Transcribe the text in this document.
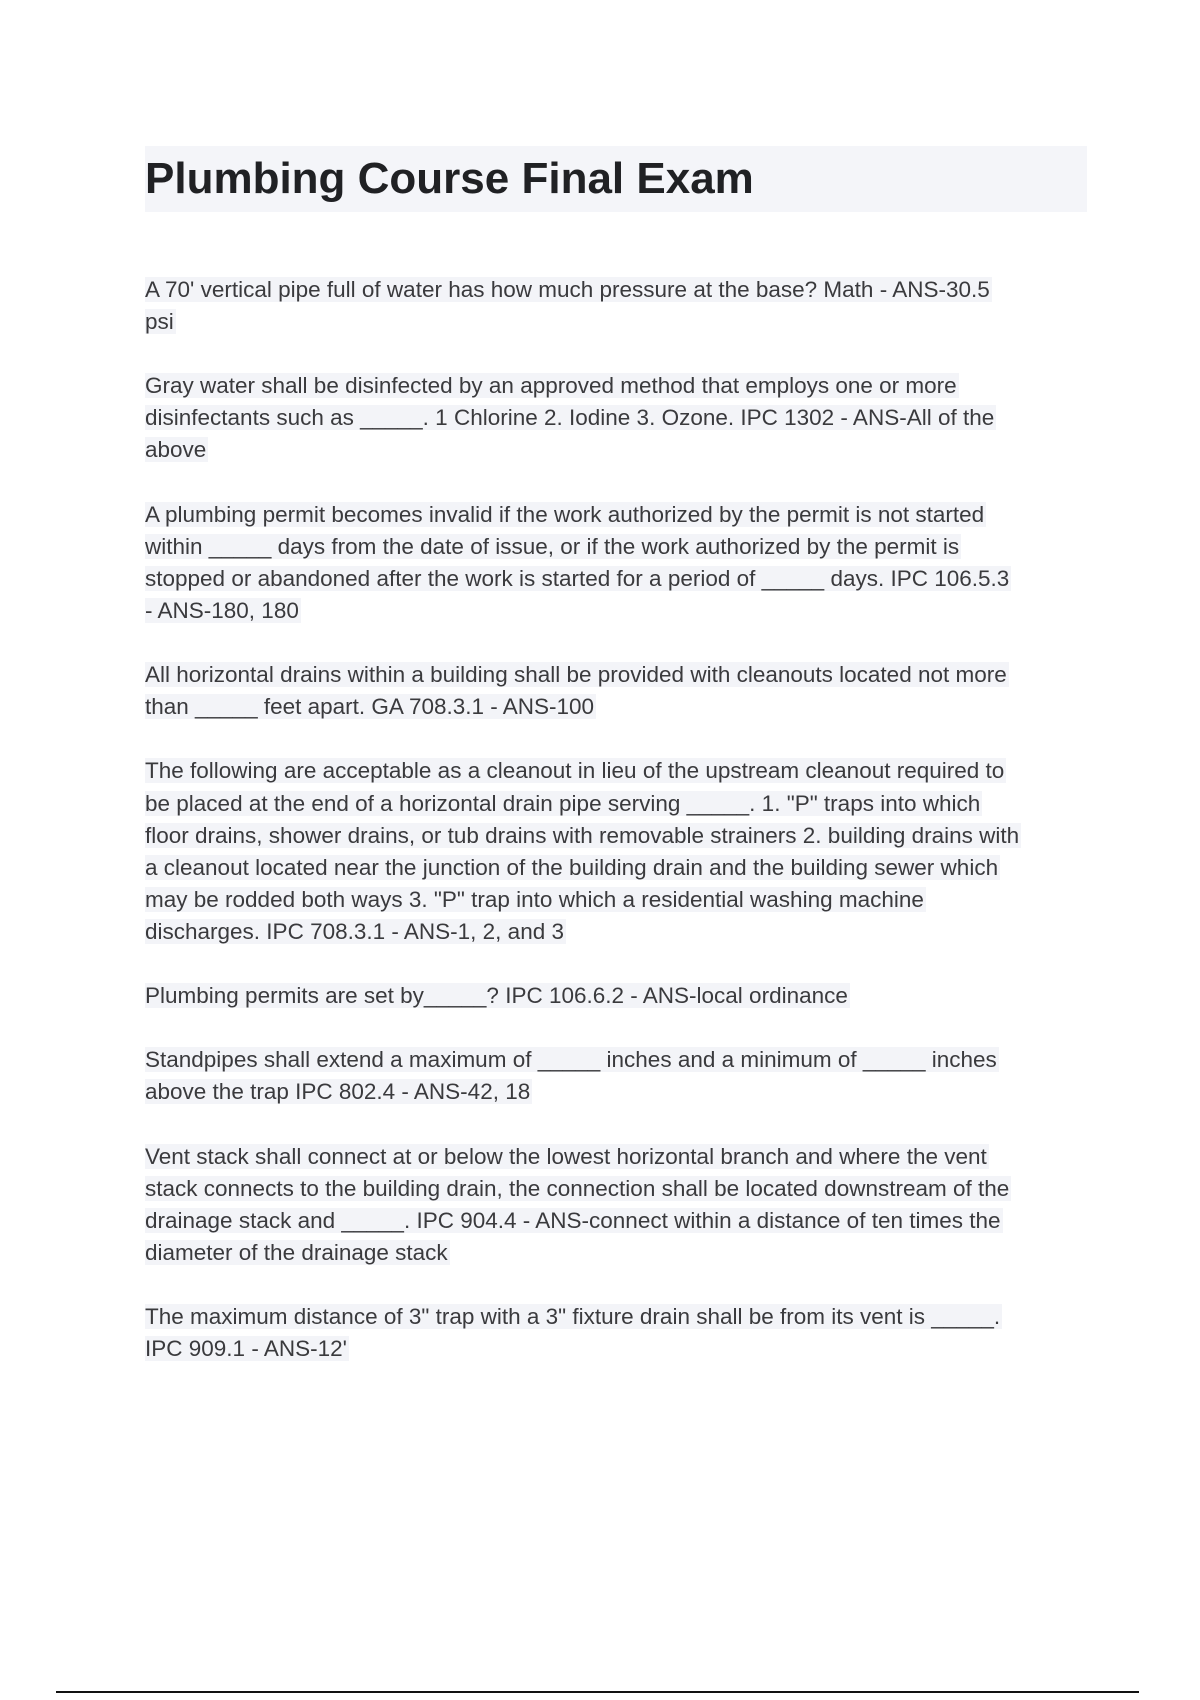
Plumbing Course Final Exam
A 70' vertical pipe full of water has how much pressure at the base? Math - ANS-30.5
psi
Gray water shall be disinfected by an approved method that employs one or more
disinfectants such as _____. 1 Chlorine 2. Iodine 3. Ozone. IPC 1302 - ANS-All of the
above
A plumbing permit becomes invalid if the work authorized by the permit is not started
within _____ days from the date of issue, or if the work authorized by the permit is
stopped or abandoned after the work is started for a period of _____ days. IPC 106.5.3
- ANS-180, 180
All horizontal drains within a building shall be provided with cleanouts located not more
than _____ feet apart. GA 708.3.1 - ANS-100
The following are acceptable as a cleanout in lieu of the upstream cleanout required to
be placed at the end of a horizontal drain pipe serving _____. 1. "P" traps into which
floor drains, shower drains, or tub drains with removable strainers 2. building drains with
a cleanout located near the junction of the building drain and the building sewer which
may be rodded both ways 3. "P" trap into which a residential washing machine
discharges. IPC 708.3.1 - ANS-1, 2, and 3
Plumbing permits are set by_____? IPC 106.6.2 - ANS-local ordinance
Standpipes shall extend a maximum of _____ inches and a minimum of _____ inches
above the trap IPC 802.4 - ANS-42, 18
Vent stack shall connect at or below the lowest horizontal branch and where the vent
stack connects to the building drain, the connection shall be located downstream of the
drainage stack and _____. IPC 904.4 - ANS-connect within a distance of ten times the
diameter of the drainage stack
The maximum distance of 3" trap with a 3" fixture drain shall be from its vent is _____.
IPC 909.1 - ANS-12'
